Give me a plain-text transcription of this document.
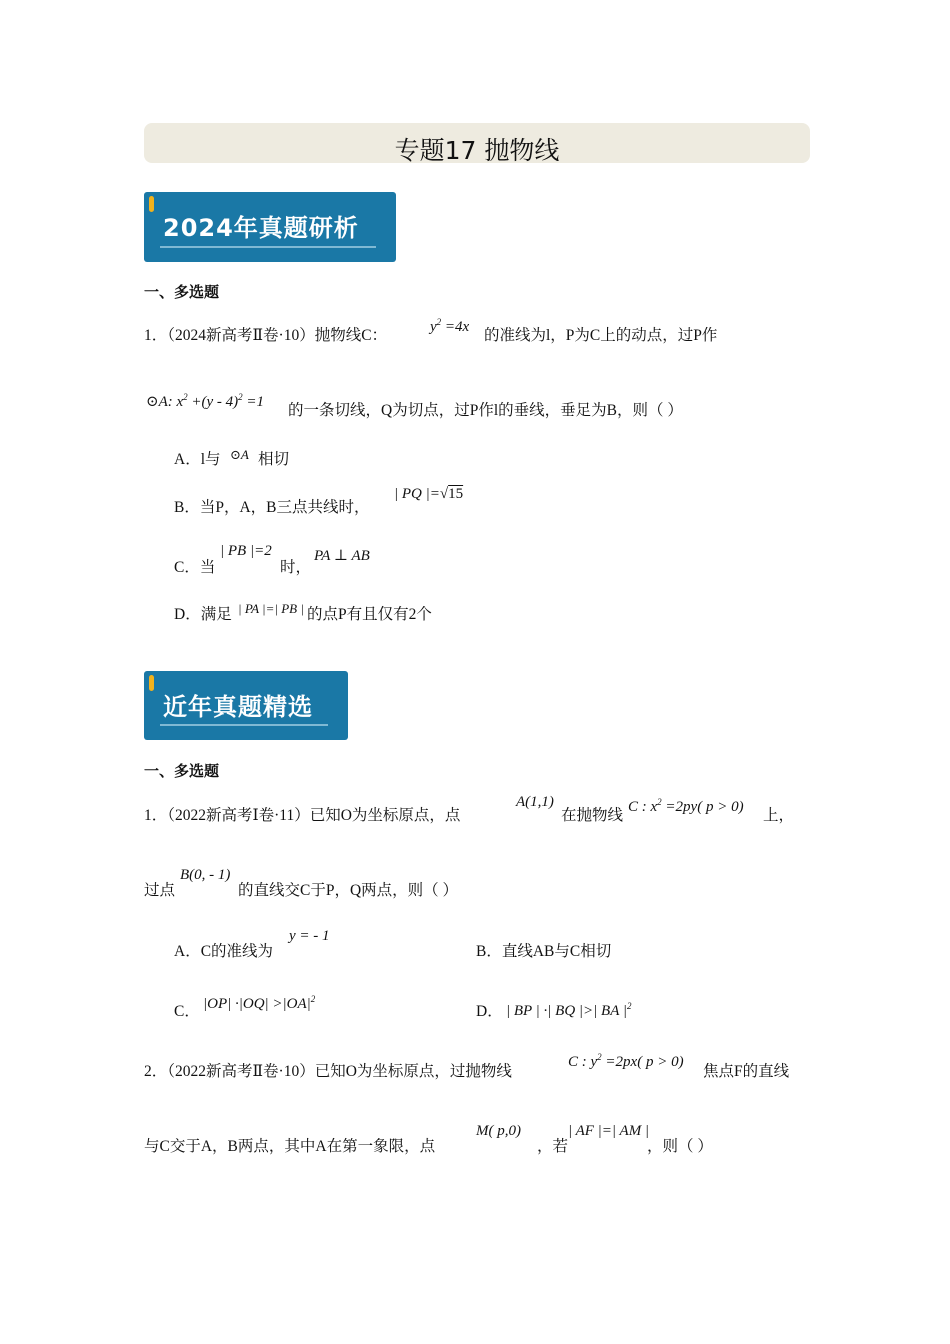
专题17 抛物线
2024年真题研析
一、多选题
1．（2024新高考Ⅱ卷·10）抛物线C：	$y^2 =4x$ 的准线为l，P为C上的动点，过P作
⊙A: $x^2 +(y - 4)^2 =1$ 的一条切线，Q为切点，过P作l的垂线，垂足为B，则（ ）
A．l与 ⊙A 相切
B．当P，A，B三点共线时，
| PQ |=√15
C．当
| PB |=2
时，
PA ⊥ AB
D．满足 | PA |=| PB | 的点P有且仅有2个
近年真题精选
一、多选题
1．（2022新高考Ⅰ卷·11）已知O为坐标原点，点
A(1,1)
在抛物线 C : $x^2 =2py$( p > 0) 上，
过点
B(0, - 1)
的直线交C于P，Q两点，则（ ）
A．C的准线为
y = - 1
B．直线AB与C相切
C． $|OP| \cdot|OQ| >|OA|^2$
D． | BP | ·| BQ |>| BA $|^2$
2．（2022新高考Ⅱ卷·10）已知O为坐标原点，过抛物线
C : $y^2 =2px$( p > 0)
焦点F的直线
与C交于A，B两点，其中A在第一象限，点
M( p,0)
，若
| AF |=| AM |
，则（ ）
